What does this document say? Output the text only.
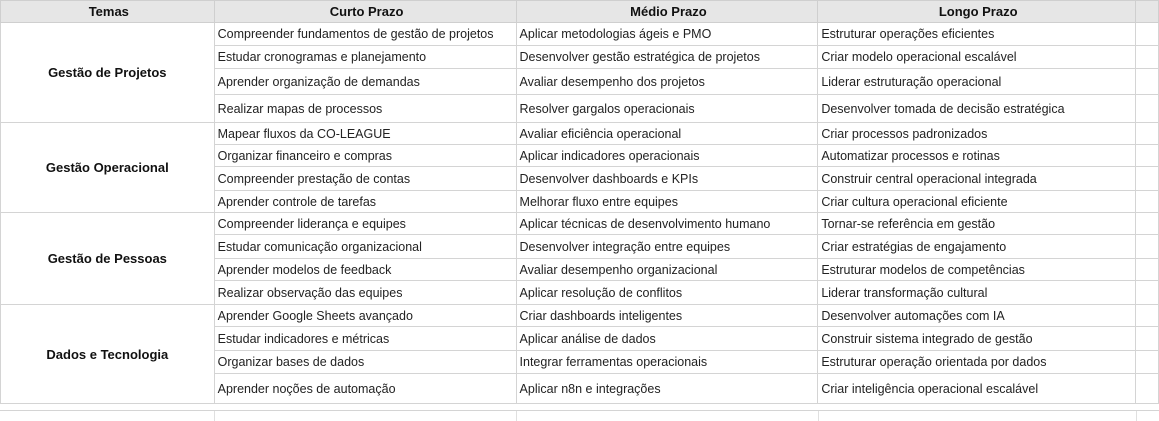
Temas	Curto Prazo	Médio Prazo	Longo Prazo	
Gestão de Projetos	Compreender fundamentos de gestão de projetos	Aplicar metodologias ágeis e PMO	Estruturar operações eficientes	
	Estudar cronogramas e planejamento	Desenvolver gestão estratégica de projetos	Criar modelo operacional escalável	
	Aprender organização de demandas	Avaliar desempenho dos projetos	Liderar estruturação operacional	
	Realizar mapas de processos	Resolver gargalos operacionais	Desenvolver tomada de decisão estratégica	
Gestão Operacional	Mapear fluxos da CO-LEAGUE	Avaliar eficiência operacional	Criar processos padronizados	
	Organizar financeiro e compras	Aplicar indicadores operacionais	Automatizar processos e rotinas	
	Compreender prestação de contas	Desenvolver dashboards e KPIs	Construir central operacional integrada	
	Aprender controle de tarefas	Melhorar fluxo entre equipes	Criar cultura operacional eficiente	
Gestão de Pessoas	Compreender liderança e equipes	Aplicar técnicas de desenvolvimento humano	Tornar-se referência em gestão	
	Estudar comunicação organizacional	Desenvolver integração entre equipes	Criar estratégias de engajamento	
	Aprender modelos de feedback	Avaliar desempenho organizacional	Estruturar modelos de competências	
	Realizar observação das equipes	Aplicar resolução de conflitos	Liderar transformação cultural	
Dados e Tecnologia	Aprender Google Sheets avançado	Criar dashboards inteligentes	Desenvolver automações com IA	
	Estudar indicadores e métricas	Aplicar análise de dados	Construir sistema integrado de gestão	
	Organizar bases de dados	Integrar ferramentas operacionais	Estruturar operação orientada por dados	
	Aprender noções de automação	Aplicar n8n e integrações	Criar inteligência operacional escalável	
